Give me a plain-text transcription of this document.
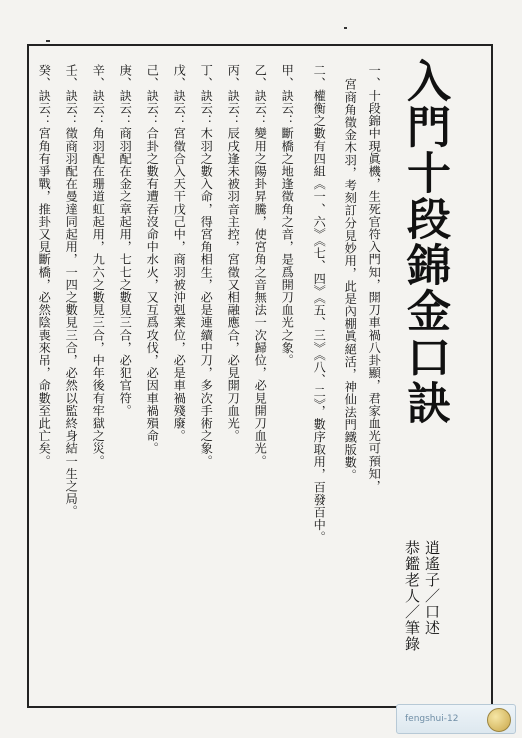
入門十段錦金口訣
逍遙子／口述
恭鑑老人／筆錄
一、十段錦中現眞機，生死官符入門知，開刀車禍八卦顯，君家血光可預知，
宮商角徵金木羽，考刻訂分見妙用，此是內棚眞絕活，神仙法門鐵版數。
二、權衡之數有四組《一、六》《七、四》《五、三》《八、二》，數序取用，百發百中。
甲、訣云：斷橋之地逢徵角之音，是爲開刀血光之象。
乙、訣云：變用之陽卦昇騰，使宮角之音無法一次歸位，必見開刀血光。
丙、訣云：辰戌逢未被羽音主控，宮徵又相融應合，必見開刀血光。
丁、訣云：木羽之數入命，得宮角相生，必是連續中刀，多次手術之象。
戊、訣云：宮徵合入天干戊己中，商羽被沖剋業位，必是車禍殘廢。
己、訣云：合卦之數有遭吞沒命中水火，又互爲攻伐，必因車禍殞命。
庚、訣云：商羽配在金之章起用，七七之數見三合，必犯官符。
辛、訣云：角羽配在珊道虹起用，九六之數見三合，中年後有牢獄之災。
壬、訣云：徵商羽配在曼達同起用，一四之數見三合，必然以監終身結一生之局。
癸、訣云：宮角有爭戰，推卦又見斷橋，必然陰喪來吊，命數至此亡矣。
fengshui-12
